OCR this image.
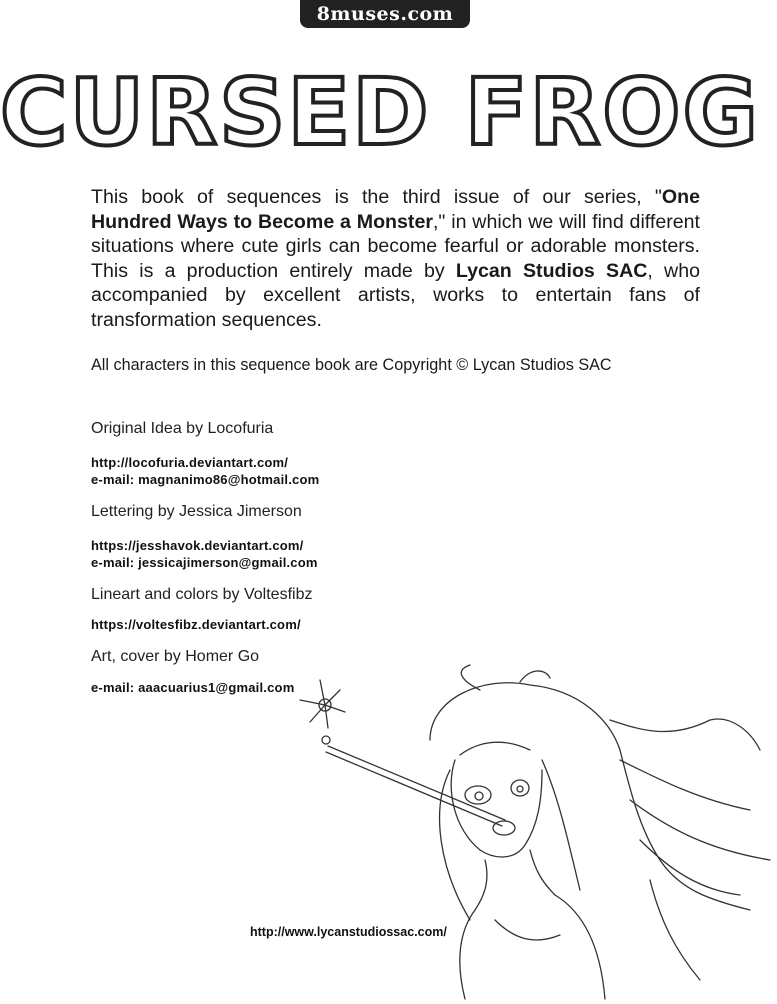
8muses.com
CURSED FROG
This book of sequences is the third issue of our series, "One Hundred Ways to Become a Monster," in which we will find different situations where cute girls can become fearful or adorable monsters. This is a production entirely made by Lycan Studios SAC, who accompanied by excellent artists, works to entertain fans of transformation sequences.
All characters in this sequence book are Copyright © Lycan Studios SAC
Original Idea by Locofuria
http://locofuria.deviantart.com/
e-mail: magnanimo86@hotmail.com
Lettering by Jessica Jimerson
https://jesshavok.deviantart.com/
e-mail: jessicajimerson@gmail.com
Lineart and colors by Voltesfibz
https://voltesfibz.deviantart.com/
Art, cover by Homer Go
e-mail: aaacuarius1@gmail.com
http://www.lycanstudiossac.com/
